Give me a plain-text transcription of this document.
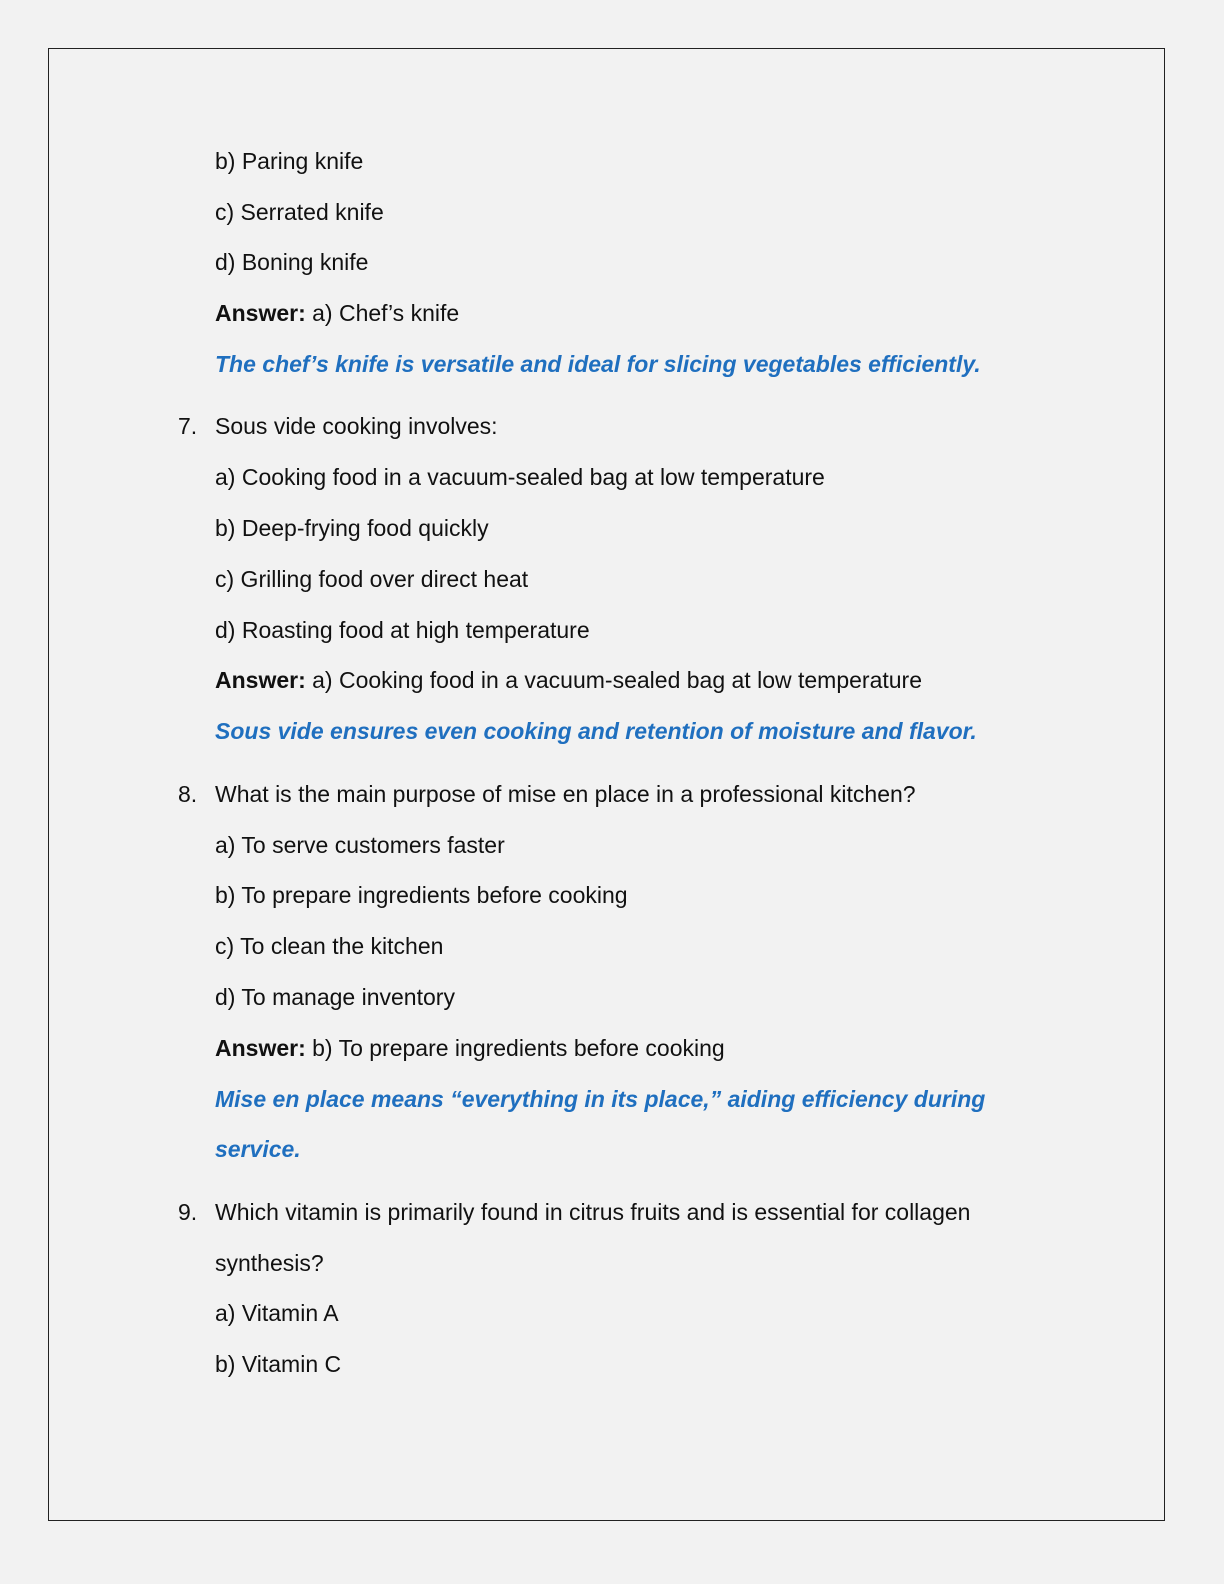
b) Paring knife
c) Serrated knife
d) Boning knife
Answer: a) Chef’s knife
The chef’s knife is versatile and ideal for slicing vegetables efficiently.
7. Sous vide cooking involves:
a) Cooking food in a vacuum-sealed bag at low temperature
b) Deep-frying food quickly
c) Grilling food over direct heat
d) Roasting food at high temperature
Answer: a) Cooking food in a vacuum-sealed bag at low temperature
Sous vide ensures even cooking and retention of moisture and flavor.
8. What is the main purpose of mise en place in a professional kitchen?
a) To serve customers faster
b) To prepare ingredients before cooking
c) To clean the kitchen
d) To manage inventory
Answer: b) To prepare ingredients before cooking
Mise en place means “everything in its place,” aiding efficiency during
service.
9. Which vitamin is primarily found in citrus fruits and is essential for collagen
synthesis?
a) Vitamin A
b) Vitamin C
